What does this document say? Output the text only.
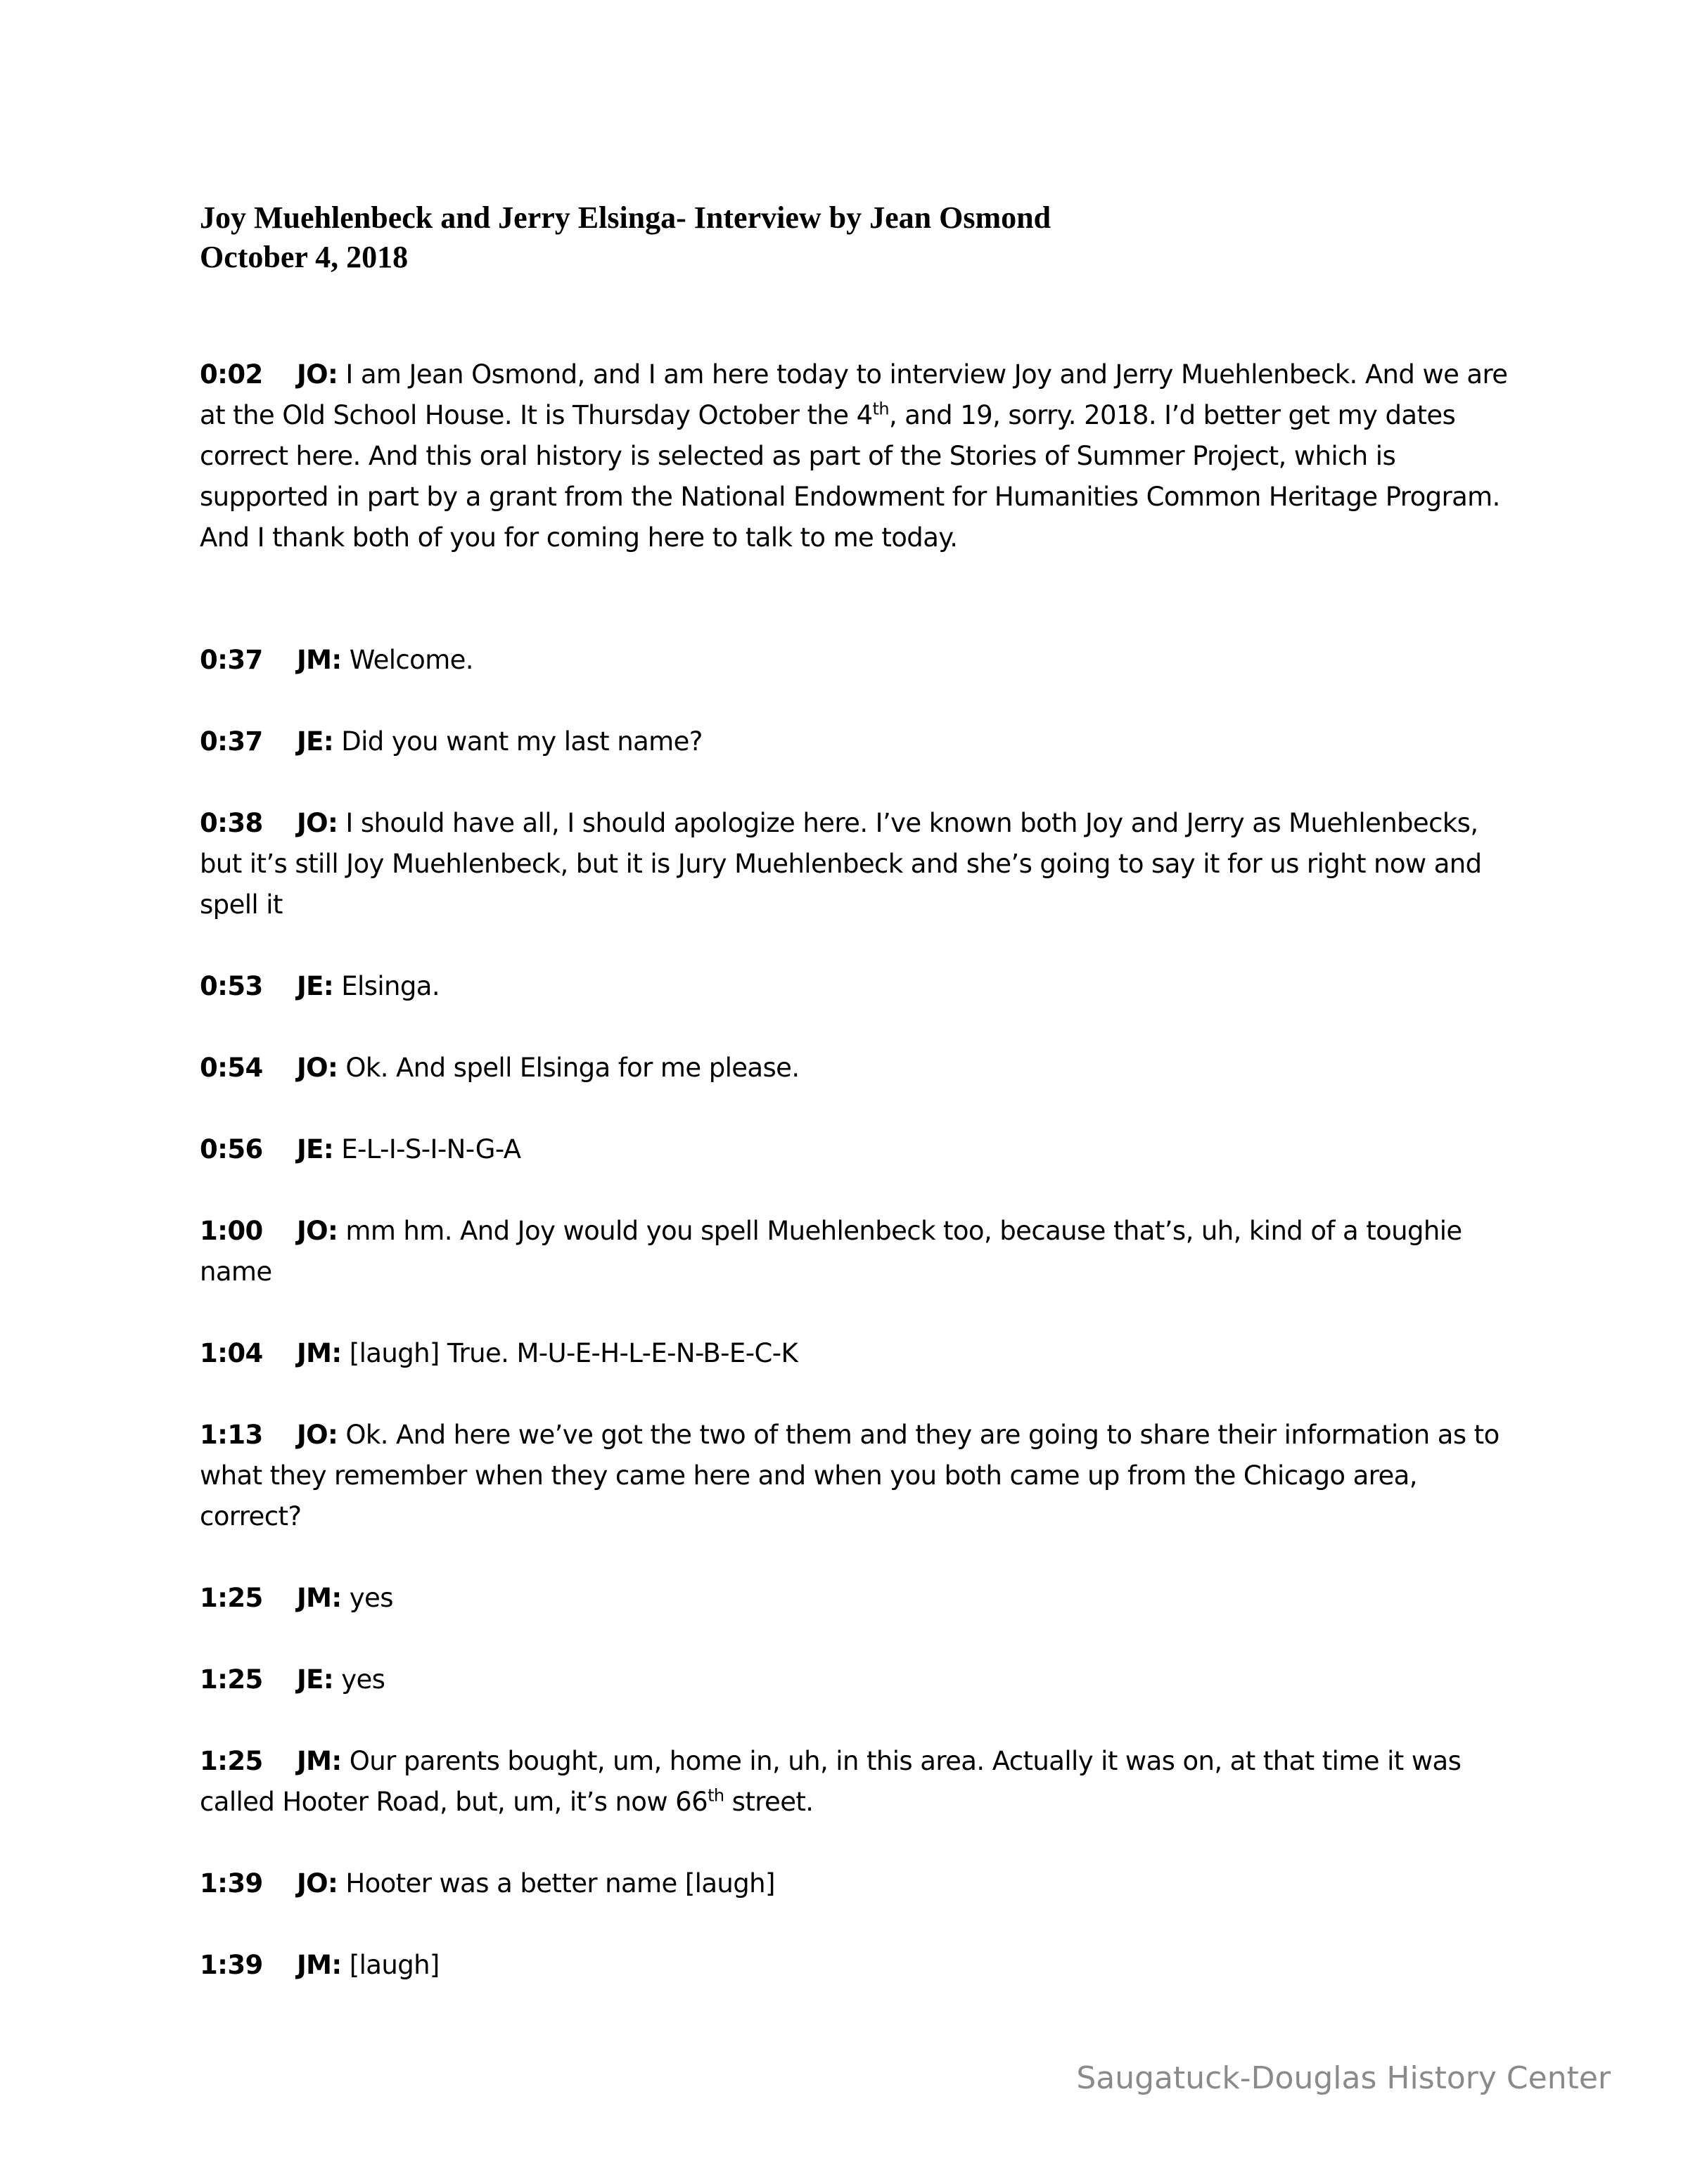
Joy Muehlenbeck and Jerry Elsinga- Interview by Jean Osmond
October 4, 2018
0:02 JO: I am Jean Osmond, and I am here today to interview Joy and Jerry Muehlenbeck. And we are at the Old School House. It is Thursday October the 4th, and 19, sorry. 2018. I’d better get my dates correct here. And this oral history is selected as part of the Stories of Summer Project, which is supported in part by a grant from the National Endowment for Humanities Common Heritage Program. And I thank both of you for coming here to talk to me today.
0:37 JM: Welcome.
0:37 JE: Did you want my last name?
0:38 JO: I should have all, I should apologize here. I’ve known both Joy and Jerry as Muehlenbecks, but it’s still Joy Muehlenbeck, but it is Jury Muehlenbeck and she’s going to say it for us right now and spell it
0:53 JE: Elsinga.
0:54 JO: Ok. And spell Elsinga for me please.
0:56 JE: E-L-I-S-I-N-G-A
1:00 JO: mm hm. And Joy would you spell Muehlenbeck too, because that’s, uh, kind of a toughie name
1:04 JM: [laugh] True. M-U-E-H-L-E-N-B-E-C-K
1:13 JO: Ok. And here we’ve got the two of them and they are going to share their information as to what they remember when they came here and when you both came up from the Chicago area, correct?
1:25 JM: yes
1:25 JE: yes
1:25 JM: Our parents bought, um, home in, uh, in this area. Actually it was on, at that time it was called Hooter Road, but, um, it’s now 66th street.
1:39 JO: Hooter was a better name [laugh]
1:39 JM: [laugh]
Saugatuck-Douglas History Center
